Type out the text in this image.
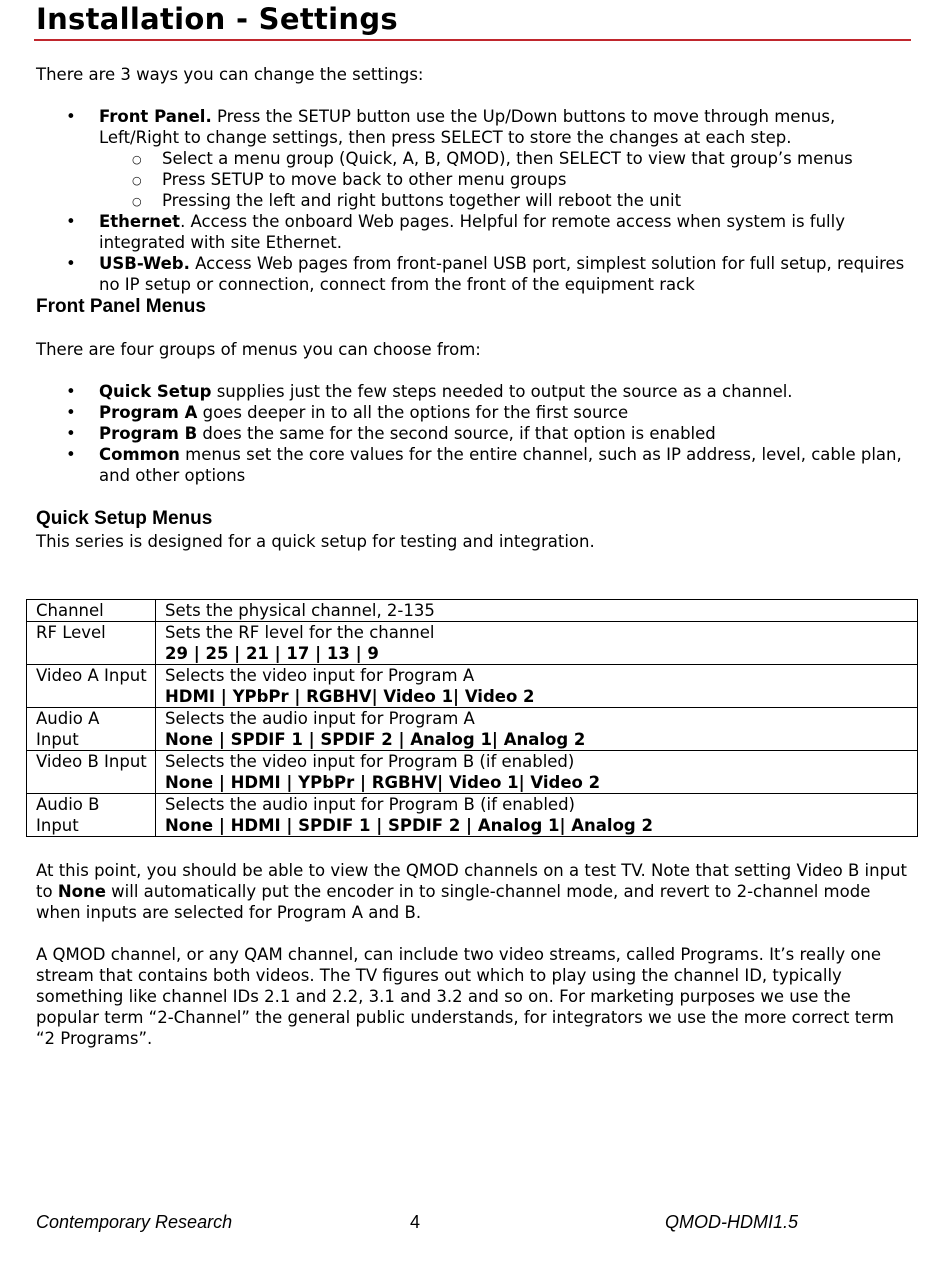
Installation - Settings

There are 3 ways you can change the settings:

• Front Panel. Press the SETUP button use the Up/Down buttons to move through menus, Left/Right to change settings, then press SELECT to store the changes at each step.
○ Select a menu group (Quick, A, B, QMOD), then SELECT to view that group’s menus
○ Press SETUP to move back to other menu groups
○ Pressing the left and right buttons together will reboot the unit
• Ethernet. Access the onboard Web pages. Helpful for remote access when system is fully integrated with site Ethernet.
• USB-Web. Access Web pages from front-panel USB port, simplest solution for full setup, requires no IP setup or connection, connect from the front of the equipment rack
Front Panel Menus

There are four groups of menus you can choose from:

• Quick Setup supplies just the few steps needed to output the source as a channel.
• Program A goes deeper in to all the options for the first source
• Program B does the same for the second source, if that option is enabled
• Common menus set the core values for the entire channel, such as IP address, level, cable plan, and other options
Quick Setup Menus

This series is designed for a quick setup for testing and integration.

Channel	Sets the physical channel, 2-135

RF Level	Sets the RF level for the channel
29 | 25 | 21 | 17 | 13 | 9

Video A Input	Selects the video input for Program A
HDMI | YPbPr | RGBHV| Video 1| Video 2

Audio A Input	Selects the audio input for Program A
None | SPDIF 1 | SPDIF 2 | Analog 1| Analog 2

Video B Input	Selects the video input for Program B (if enabled)
None | HDMI | YPbPr | RGBHV| Video 1| Video 2

Audio B Input	Selects the audio input for Program B (if enabled)
None | HDMI | SPDIF 1 | SPDIF 2 | Analog 1| Analog 2

At this point, you should be able to view the QMOD channels on a test TV. Note that setting Video B input to None will automatically put the encoder in to single-channel mode, and revert to 2-channel mode when inputs are selected for Program A and B.

A QMOD channel, or any QAM channel, can include two video streams, called Programs. It’s really one stream that contains both videos. The TV figures out which to play using the channel ID, typically something like channel IDs 2.1 and 2.2, 3.1 and 3.2 and so on. For marketing purposes we use the popular term “2-Channel” the general public understands, for integrators we use the more correct term “2 Programs”.

Contemporary Research	4	QMOD-HDMI1.5
